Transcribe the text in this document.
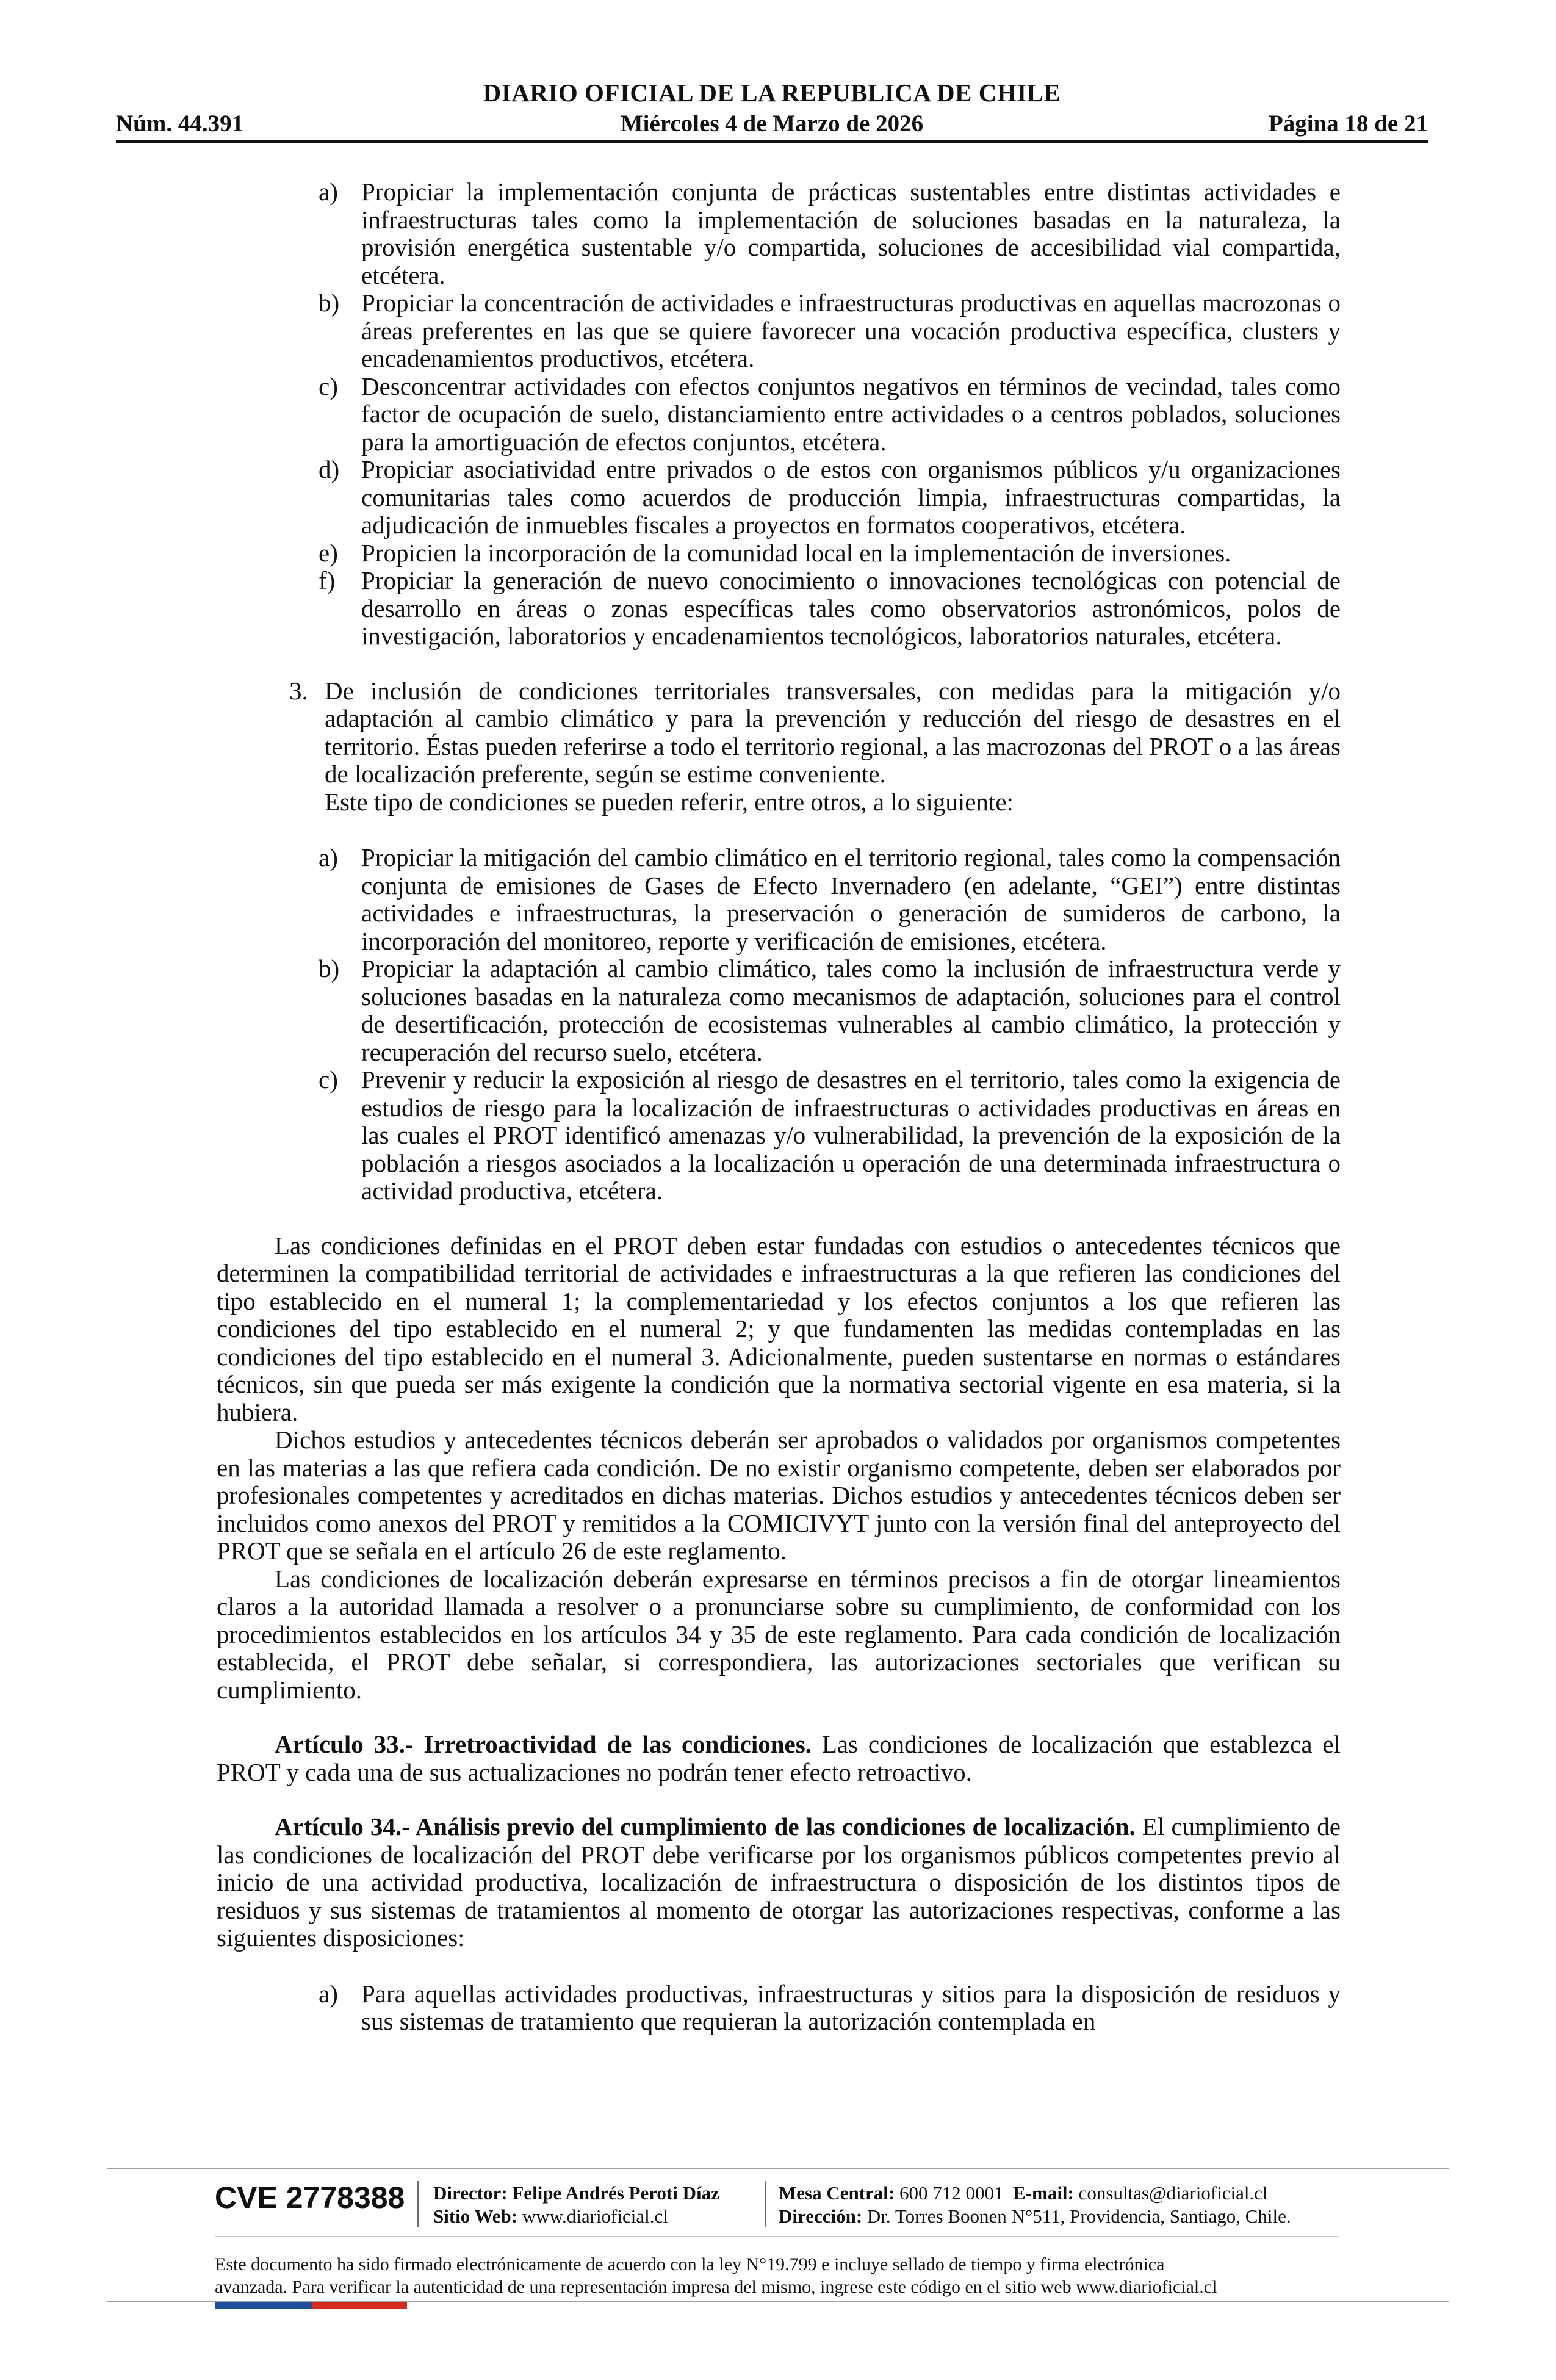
DIARIO OFICIAL DE LA REPUBLICA DE CHILE
Núm. 44.391	Miércoles 4 de Marzo de 2026	Página 18 de 21
a) Propiciar la implementación conjunta de prácticas sustentables entre distintas actividades e infraestructuras tales como la implementación de soluciones basadas en la naturaleza, la provisión energética sustentable y/o compartida, soluciones de accesibilidad vial compartida, etcétera.
b) Propiciar la concentración de actividades e infraestructuras productivas en aquellas macrozonas o áreas preferentes en las que se quiere favorecer una vocación productiva específica, clusters y encadenamientos productivos, etcétera.
c) Desconcentrar actividades con efectos conjuntos negativos en términos de vecindad, tales como factor de ocupación de suelo, distanciamiento entre actividades o a centros poblados, soluciones para la amortiguación de efectos conjuntos, etcétera.
d) Propiciar asociatividad entre privados o de estos con organismos públicos y/u organizaciones comunitarias tales como acuerdos de producción limpia, infraestructuras compartidas, la adjudicación de inmuebles fiscales a proyectos en formatos cooperativos, etcétera.
e) Propicien la incorporación de la comunidad local en la implementación de inversiones.
f) Propiciar la generación de nuevo conocimiento o innovaciones tecnológicas con potencial de desarrollo en áreas o zonas específicas tales como observatorios astronómicos, polos de investigación, laboratorios y encadenamientos tecnológicos, laboratorios naturales, etcétera.
3. De inclusión de condiciones territoriales transversales, con medidas para la mitigación y/o adaptación al cambio climático y para la prevención y reducción del riesgo de desastres en el territorio. Éstas pueden referirse a todo el territorio regional, a las macrozonas del PROT o a las áreas de localización preferente, según se estime conveniente.

Este tipo de condiciones se pueden referir, entre otros, a lo siguiente:

a) Propiciar la mitigación del cambio climático en el territorio regional, tales como la compensación conjunta de emisiones de Gases de Efecto Invernadero (en adelante, “GEI”) entre distintas actividades e infraestructuras, la preservación o generación de sumideros de carbono, la incorporación del monitoreo, reporte y verificación de emisiones, etcétera.
b) Propiciar la adaptación al cambio climático, tales como la inclusión de infraestructura verde y soluciones basadas en la naturaleza como mecanismos de adaptación, soluciones para el control de desertificación, protección de ecosistemas vulnerables al cambio climático, la protección y recuperación del recurso suelo, etcétera.
c) Prevenir y reducir la exposición al riesgo de desastres en el territorio, tales como la exigencia de estudios de riesgo para la localización de infraestructuras o actividades productivas en áreas en las cuales el PROT identificó amenazas y/o vulnerabilidad, la prevención de la exposición de la población a riesgos asociados a la localización u operación de una determinada infraestructura o actividad productiva, etcétera.

Las condiciones definidas en el PROT deben estar fundadas con estudios o antecedentes técnicos que determinen la compatibilidad territorial de actividades e infraestructuras a la que refieren las condiciones del tipo establecido en el numeral 1; la complementariedad y los efectos conjuntos a los que refieren las condiciones del tipo establecido en el numeral 2; y que fundamenten las medidas contempladas en las condiciones del tipo establecido en el numeral 3. Adicionalmente, pueden sustentarse en normas o estándares técnicos, sin que pueda ser más exigente la condición que la normativa sectorial vigente en esa materia, si la hubiera.

Dichos estudios y antecedentes técnicos deberán ser aprobados o validados por organismos competentes en las materias a las que refiera cada condición. De no existir organismo competente, deben ser elaborados por profesionales competentes y acreditados en dichas materias. Dichos estudios y antecedentes técnicos deben ser incluidos como anexos del PROT y remitidos a la COMICIVYT junto con la versión final del anteproyecto del PROT que se señala en el artículo 26 de este reglamento.

Las condiciones de localización deberán expresarse en términos precisos a fin de otorgar lineamientos claros a la autoridad llamada a resolver o a pronunciarse sobre su cumplimiento, de conformidad con los procedimientos establecidos en los artículos 34 y 35 de este reglamento. Para cada condición de localización establecida, el PROT debe señalar, si correspondiera, las autorizaciones sectoriales que verifican su cumplimiento.

Artículo 33.- Irretroactividad de las condiciones. Las condiciones de localización que establezca el PROT y cada una de sus actualizaciones no podrán tener efecto retroactivo.

Artículo 34.- Análisis previo del cumplimiento de las condiciones de localización. El cumplimiento de las condiciones de localización del PROT debe verificarse por los organismos públicos competentes previo al inicio de una actividad productiva, localización de infraestructura o disposición de los distintos tipos de residuos y sus sistemas de tratamientos al momento de otorgar las autorizaciones respectivas, conforme a las siguientes disposiciones:

a) Para aquellas actividades productivas, infraestructuras y sitios para la disposición de residuos y sus sistemas de tratamiento que requieran la autorización contemplada en
CVE 2778388 Director: Felipe Andrés Peroti Díaz
Sitio Web: www.diarioficial.cl
Mesa Central: 600 712 0001 E-mail: consultas@diarioficial.cl
Dirección: Dr. Torres Boonen N°511, Providencia, Santiago, Chile.
Este documento ha sido firmado electrónicamente de acuerdo con la ley N°19.799 e incluye sellado de tiempo y firma electrónica
avanzada. Para verificar la autenticidad de una representación impresa del mismo, ingrese este código en el sitio web www.diarioficial.cl
